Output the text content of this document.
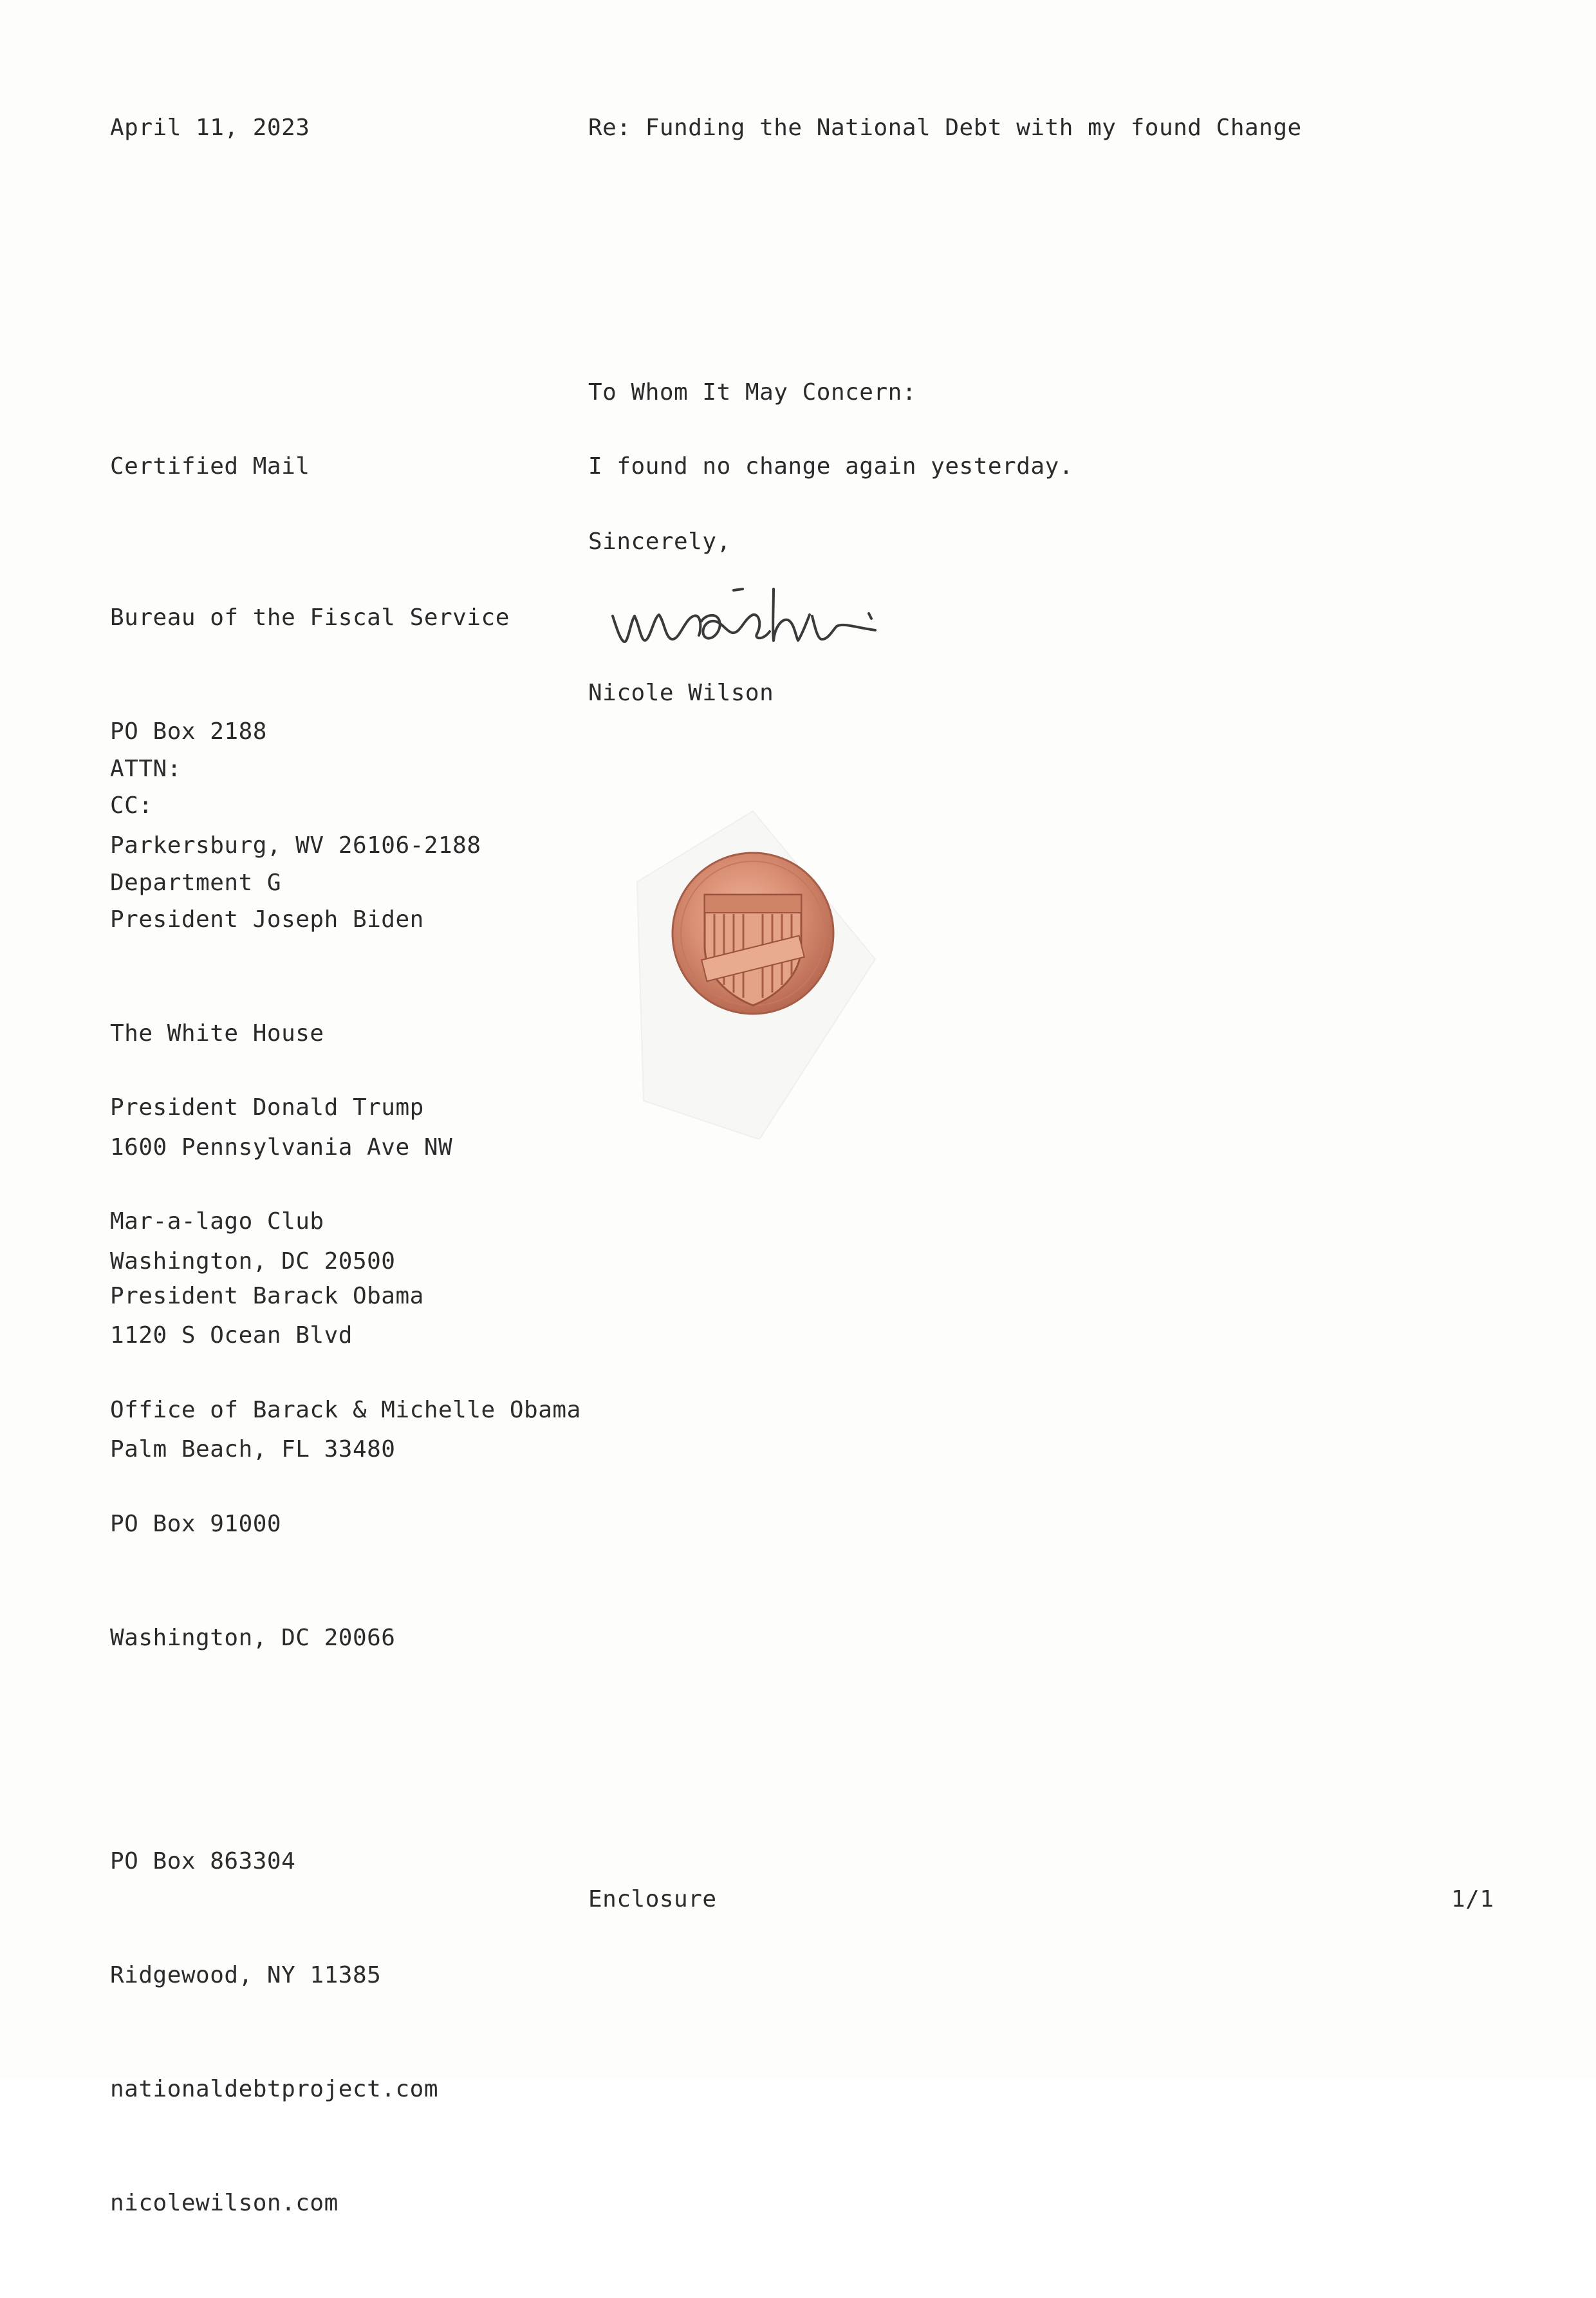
April 11, 2023	Re: Funding the National Debt with my found Change
To Whom It May Concern:
Certified Mail	I found no change again yesterday.

Bureau of the Fiscal Service

PO Box 2188

Parkersburg, WV 26106-2188

Sincerely,

ATTN:

Department G

Nicole Wilson
CC:

President Joseph Biden

The White House

1600 Pennsylvania Ave NW

Washington, DC 20500

President Donald Trump

Mar-a-lago Club

1120 S Ocean Blvd

Palm Beach, FL 33480

President Barack Obama

Office of Barack & Michelle Obama

PO Box 91000

Washington, DC 20066

PO Box 863304

Ridgewood, NY 11385

nationaldebtproject.com

nicolewilson.com

Enclosure	1/1
